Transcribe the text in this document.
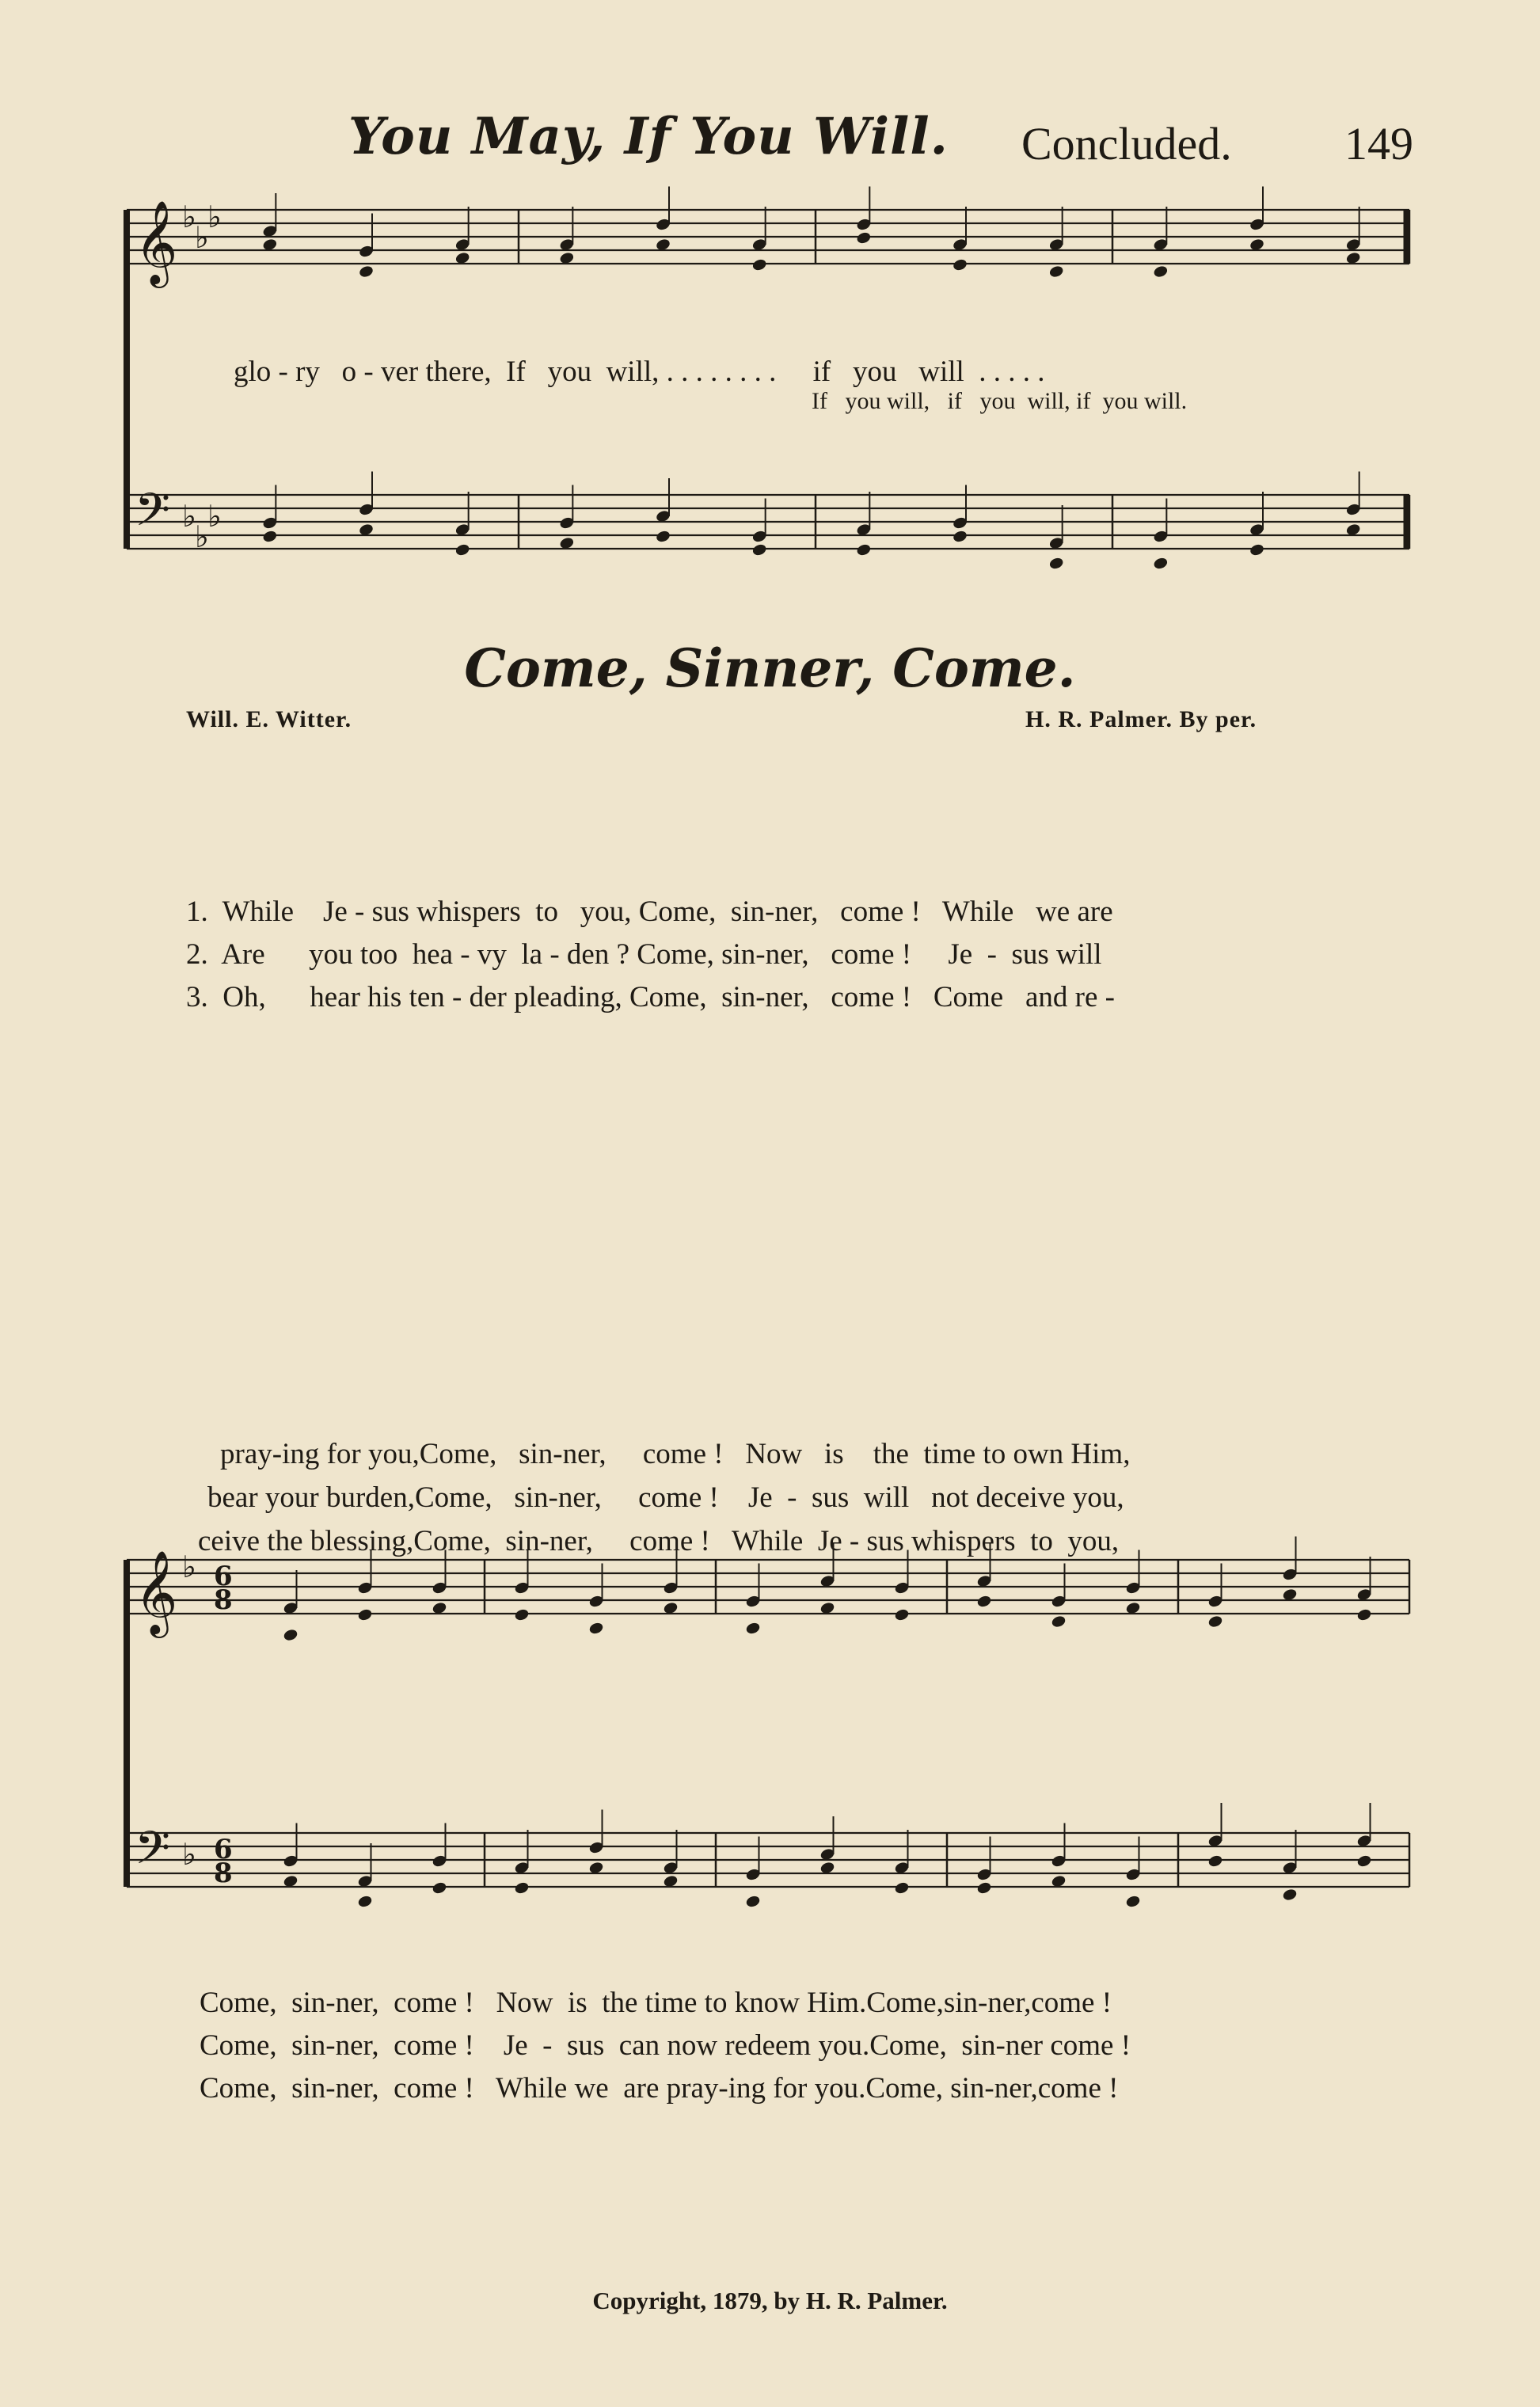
You May, If You Will. Concluded. 149
𝄞
𝄢
♭
♭
♭
♭
♭
♭
glo - ry   o - ver there,  If   you  will, . . . . . . . .     if   you   will  . . . . .
If   you will,   if   you  will, if  you will.
Come, Sinner, Come.
Will. E. Witter.	H. R. Palmer. By per.
𝄞
𝄢
♭
♭
6
8
6
8
1.  While    Je - sus whispers  to   you, Come,  sin-ner,   come !   While   we are
2.  Are      you too  hea - vy  la - den ? Come, sin-ner,   come !     Je  -  sus will
3.  Oh,      hear his ten - der pleading, Come,  sin-ner,   come !   Come   and re -
pray-ing for you,Come,   sin-ner,     come !   Now   is    the  time to own Him,
bear your burden,Come,   sin-ner,     come !    Je  -  sus  will   not deceive you,
ceive the blessing,Come,  sin-ner,     come !   While  Je - sus whispers  to  you,
Come,  sin-ner,  come !   Now  is  the time to know Him.Come,sin-ner,come !
Come,  sin-ner,  come !    Je  -  sus  can now redeem you.Come,  sin-ner come !
Come,  sin-ner,  come !   While we  are pray-ing for you.Come, sin-ner,come !
Copyright, 1879, by H. R. Palmer.
